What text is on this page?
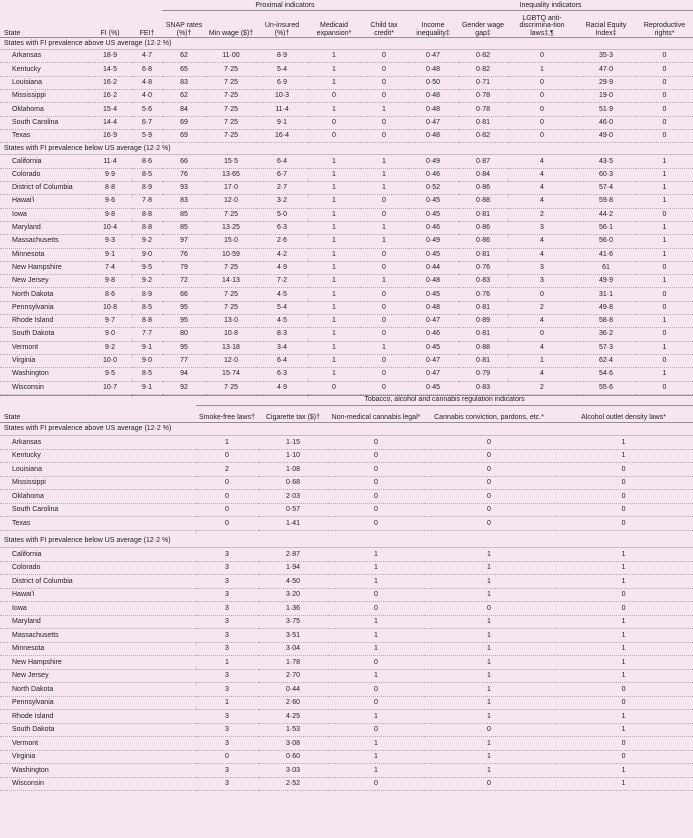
			Proximal indicators					Inequality indicators				
State	FI (%)	FEI†	SNAP rates (%)†	Min wage ($)†	Un-insured (%)†	Medicaid expansion*	Child tax credit*	Income inequality‡	Gender wage gap‡	LGBTQ anti-discrimina-tion laws‡,¶	Racial Equity Index‡	Reproductive rights*
States with FI prevalence above US average (12·2 %)												
Arkansas	18·9	4·7	62	11·00	8·9	1	0	0·47	0·82	0	35·3	0
Kentucky	14·5	6·8	65	7·25	5·4	1	0	0·48	0·82	1	47·0	0
Louisiana	16·2	4·8	83	7·25	6·9	1	0	0·50	0·71	0	29·9	0
Mississippi	16·2	4·0	62	7·25	10·3	0	0	0·48	0·78	0	19·0	0
Oklahoma	15·4	5·6	84	7·25	11·4	1	1	0·48	0·78	0	51·9	0
South Carolina	14·4	6·7	69	7·25	9·1	0	0	0·47	0·81	0	46·0	0
Texas	16·9	5·9	69	7·25	16·4	0	0	0·48	0·82	0	49·0	0
States with FI prevalence below US average (12·2 %)												
California	11·4	8·6	66	15·5	6·4	1	1	0·49	0·87	4	43·5	1
Colorado	9·9	8·5	76	13·65	6·7	1	1	0·46	0·84	4	60·3	1
District of Columbia	8·8	8·9	93	17·0	2·7	1	1	0·52	0·86	4	57·4	1
Hawai'i	9·6	7·8	83	12·0	3·2	1	0	0·45	0·88	4	59·8	1
Iowa	9·8	8·8	85	7·25	5·0	1	0	0·45	0·81	2	44·2	0
Maryland	10·4	8·8	85	13·25	6·3	1	1	0·46	0·86	3	56·1	1
Massachusetts	9·3	9·2	97	15·0	2·6	1	1	0·49	0·86	4	56·0	1
Minnesota	9·1	9·0	76	10·59	4·2	1	0	0·45	0·81	4	41·6	1
New Hampshire	7·4	9·5	79	7·25	4·9	1	0	0·44	0·76	3	61	0
New Jersey	9·8	9·2	72	14·13	7·2	1	1	0·48	0·83	3	49·9	1
North Dakota	8·6	8·9	66	7·25	4·5	1	0	0·45	0·76	0	31·1	0
Pennsylvania	10·8	8·5	95	7·25	5·4	1	0	0·48	0·81	2	49·8	0
Rhode Island	9·7	8·8	95	13·0	4·5	1	0	0·47	0·89	4	58·8	1
South Dakota	9·0	7·7	80	10·8	8·3	1	0	0·46	0·81	0	36·2	0
Vermont	9·2	9·1	95	13·18	3·4	1	1	0·45	0·88	4	57·3	1
Virginia	10·0	9·0	77	12·0	6·4	1	0	0·47	0·81	1	62·4	0
Washington	9·5	8·5	94	15·74	6·3	1	0	0·47	0·79	4	54·6	1
Wisconsin	10·7	9·1	92	7·25	4·9	0	0	0·45	0·83	2	55·6	0
	Tobacco, alcohol and cannabis regulation indicators				
State	Smoke-free laws†	Cigarette tax ($)†	Non-medical cannabis legal*	Cannabis conviction, pardons, etc.*	Alcohol outlet density laws*
States with FI prevalence above US average (12·2 %)					
Arkansas	1	1·15	0	0	1
Kentucky	0	1·10	0	0	1
Louisiana	2	1·08	0	0	0
Mississippi	0	0·68	0	0	0
Oklahoma	0	2·03	0	0	0
South Carolina	0	0·57	0	0	0
Texas	0	1·41	0	0	0

States with FI prevalence below US average (12·2 %)					
California	3	2·87	1	1	1
Colorado	3	1·94	1	1	1
District of Columbia	3	4·50	1	1	1
Hawai'i	3	3·20	0	1	0
Iowa	3	1·36	0	0	0
Maryland	3	3·75	1	1	1
Massachusetts	3	3·51	1	1	1
Minnesota	3	3·04	1	1	1
New Hampshire	1	1·78	0	1	1
New Jersey	3	2·70	1	1	1
North Dakota	3	0·44	0	1	0
Pennsylvania	1	2·60	0	1	0
Rhode Island	3	4·25	1	1	1
South Dakota	3	1·53	0	0	1
Vermont	3	3·08	1	1	0
Virginia	0	0·60	1	1	0
Washington	3	3·03	1	1	1
Wisconsin	3	2·52	0	0	1
